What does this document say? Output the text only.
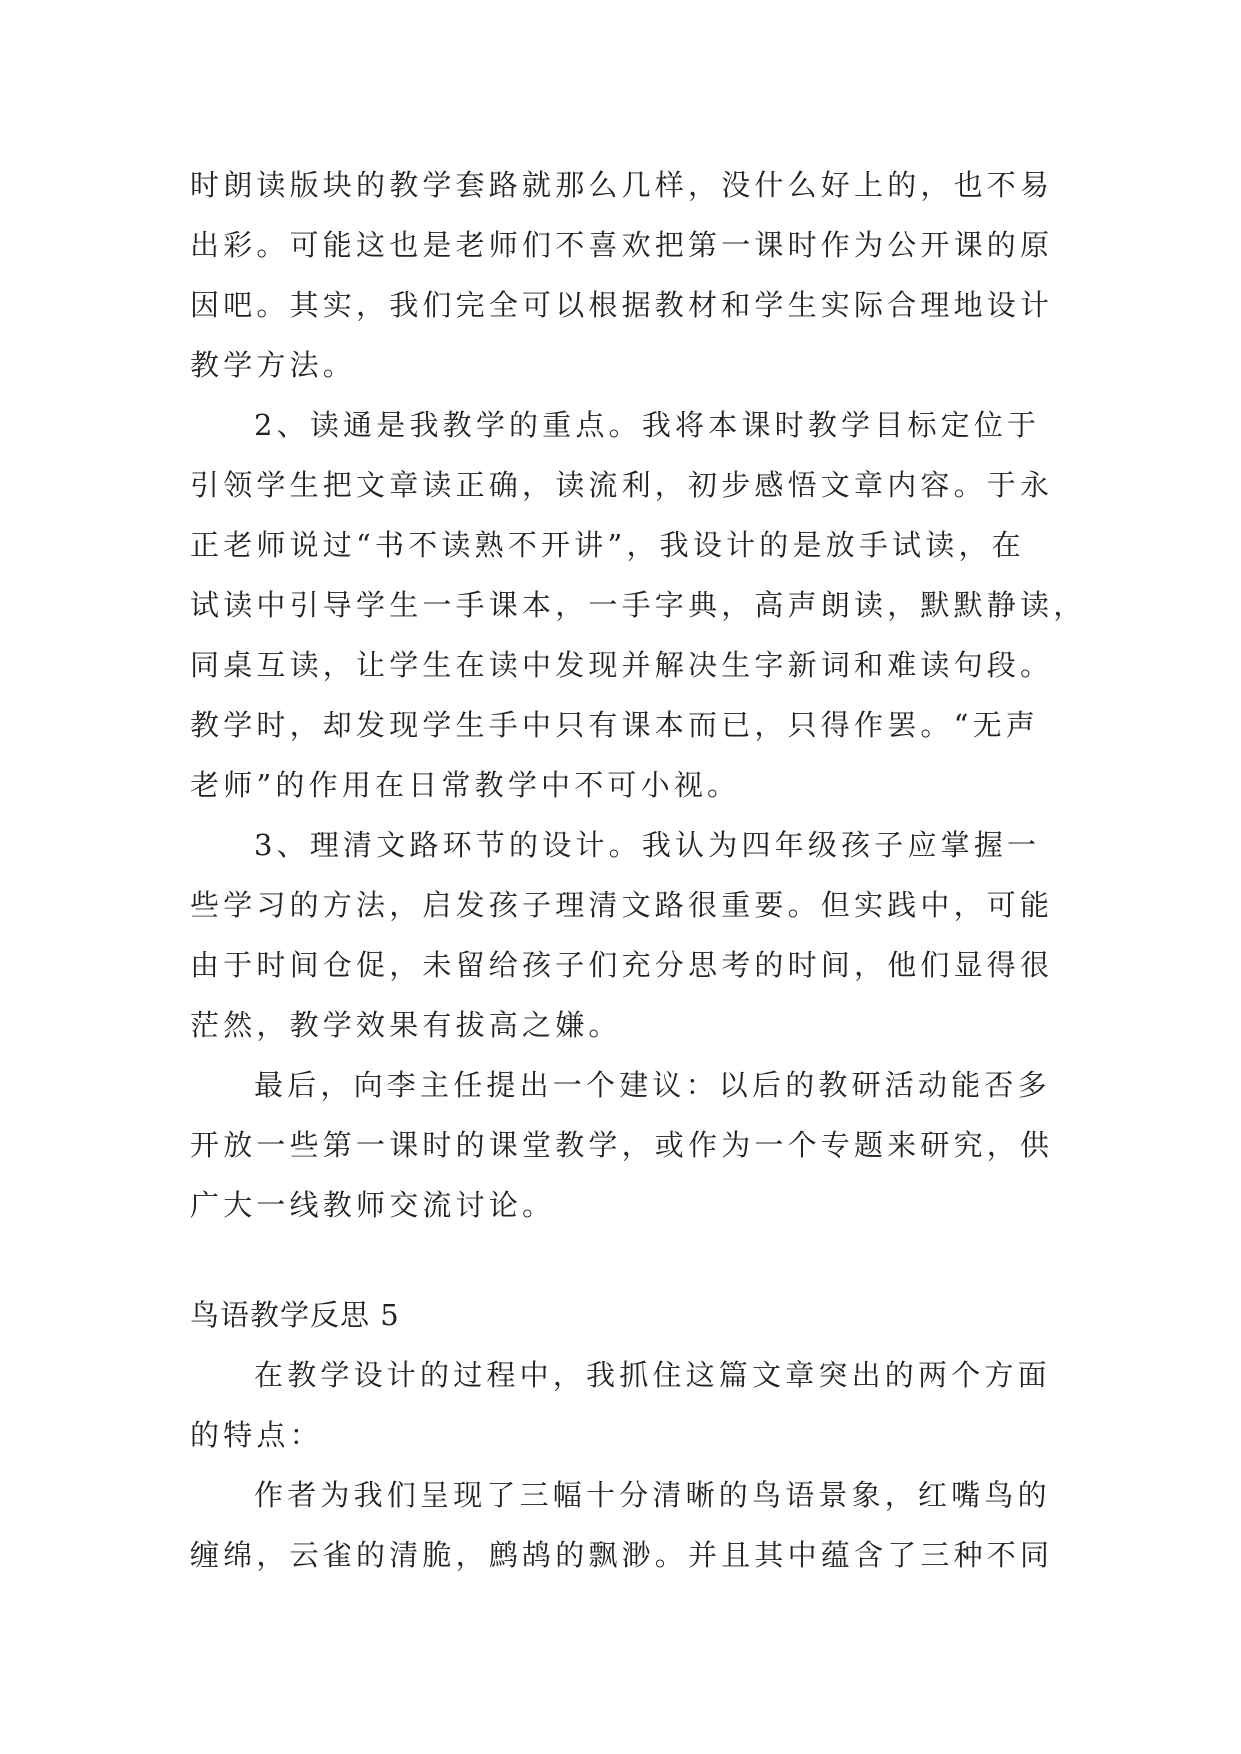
时朗读版块的教学套路就那么几样，没什么好上的，也不易
出彩。可能这也是老师们不喜欢把第一课时作为公开课的原
因吧。其实，我们完全可以根据教材和学生实际合理地设计
教学方法。
2、读通是我教学的重点。我将本课时教学目标定位于
引领学生把文章读正确，读流利，初步感悟文章内容。于永
正老师说过“书不读熟不开讲”，我设计的是放手试读，在
试读中引导学生一手课本，一手字典，高声朗读，默默静读，
同桌互读，让学生在读中发现并解决生字新词和难读句段。
教学时，却发现学生手中只有课本而已，只得作罢。“无声
老师”的作用在日常教学中不可小视。
3、理清文路环节的设计。我认为四年级孩子应掌握一
些学习的方法，启发孩子理清文路很重要。但实践中，可能
由于时间仓促，未留给孩子们充分思考的时间，他们显得很
茫然，教学效果有拔高之嫌。
最后，向李主任提出一个建议：以后的教研活动能否多
开放一些第一课时的课堂教学，或作为一个专题来研究，供
广大一线教师交流讨论。
鸟语教学反思 5
在教学设计的过程中，我抓住这篇文章突出的两个方面
的特点：
作者为我们呈现了三幅十分清晰的鸟语景象，红嘴鸟的
缠绵，云雀的清脆，鹧鸪的飘渺。并且其中蕴含了三种不同
